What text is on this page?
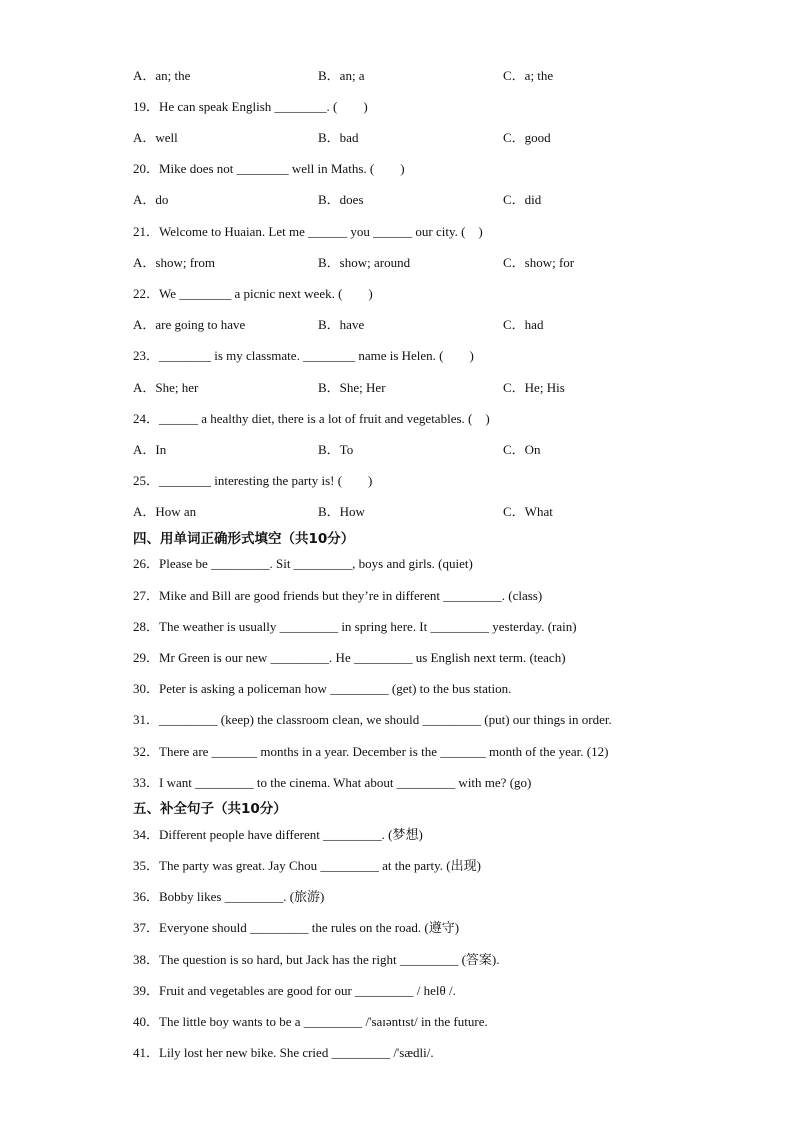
A．an; the	B．an; a	C．a; the
19．He can speak English ________. (　　)
A．well	B．bad	C．good
20．Mike does not ________ well in Maths. (　　)
A．do	B．does	C．did
21．Welcome to Huaian. Let me ______ you ______ our city. (　)
A．show; from	B．show; around	C．show; for
22．We ________ a picnic next week. (　　)
A．are going to have	B．have	C．had
23．________ is my classmate. ________ name is Helen. (　　)
A．She; her	B．She; Her	C．He; His
24．______ a healthy diet, there is a lot of fruit and vegetables. (　)
A．In	B．To	C．On
25．________ interesting the party is! (　　)
A．How an	B．How	C．What
四、用单词正确形式填空（共10分）
26．Please be _________. Sit _________, boys and girls. (quiet)
27．Mike and Bill are good friends but they’re in different _________. (class)
28．The weather is usually _________ in spring here. It _________ yesterday. (rain)
29．Mr Green is our new _________. He _________ us English next term. (teach)
30．Peter is asking a policeman how _________ (get) to the bus station.
31．_________ (keep) the classroom clean, we should _________ (put) our things in order.
32．There are _______ months in a year. December is the _______ month of the year. (12)
33．I want _________ to the cinema. What about _________ with me? (go)
五、补全句子（共10分）
34．Different people have different _________. (梦想)
35．The party was great. Jay Chou _________ at the party. (出现)
36．Bobby likes _________. (旅游)
37．Everyone should _________ the rules on the road. (遵守)
38．The question is so hard, but Jack has the right _________ (答案).
39．Fruit and vegetables are good for our _________ / helθ /.
40．The little boy wants to be a _________ /'saɪəntɪst/ in the future.
41．Lily lost her new bike. She cried _________ /'sædli/.
